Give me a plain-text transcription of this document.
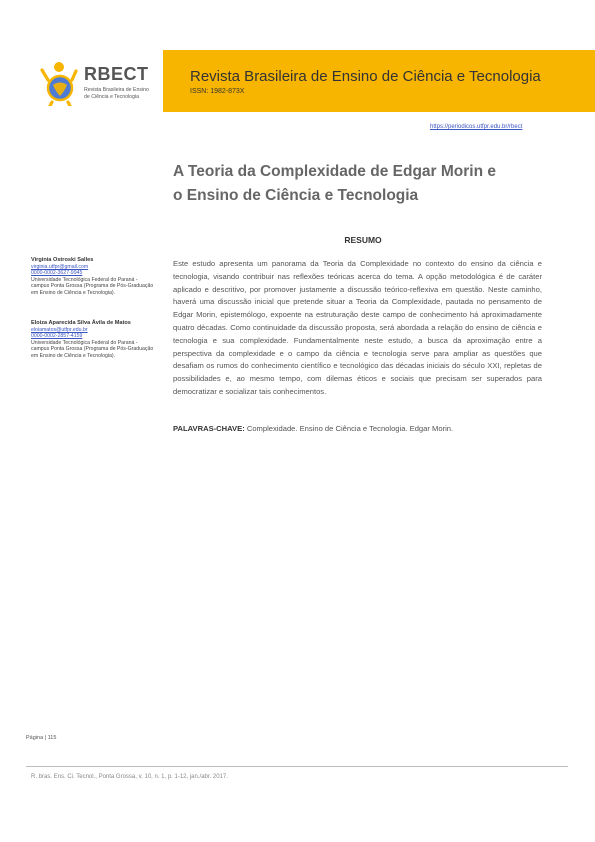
RBECT
Revista Brasileira de Ensino de Ciência e Tecnologia
Revista Brasileira de Ensino de Ciência e Tecnologia
ISSN: 1982-873X
https://periodicos.utfpr.edu.br/rbect
A Teoria da Complexidade de Edgar Morin e
o Ensino de Ciência e Tecnologia
Virginia Ostroski Salles
virginia.utfpr@gmail.com
0000-0002-3627-9945
Universidade Tecnológica Federal do Paraná - campus Ponta Grossa (Programa de Pós-Graduação em Ensino de Ciência e Tecnologia).
Eloiza Aparecida Silva Ávila de Matos
eloiamatos@utfpr.edu.br
0000-0002-2857-4159
Universidade Tecnológica Federal do Paraná - campus Ponta Grossa (Programa de Pós-Graduação em Ensino de Ciência e Tecnologia).
RESUMO
Este estudo apresenta um panorama da Teoria da Complexidade no contexto do ensino da ciência e tecnologia, visando contribuir nas reflexões teóricas acerca do tema. A opção metodológica é de caráter aplicado e descritivo, por promover justamente a discussão teórico-reflexiva em questão. Neste caminho, haverá uma discussão inicial que pretende situar a Teoria da Complexidade, pautada no pensamento de Edgar Morin, epistemólogo, expoente na estruturação deste campo de conhecimento há aproximadamente quatro décadas. Como continuidade da discussão proposta, será abordada a relação do ensino de ciência e tecnologia e sua complexidade. Fundamentalmente neste estudo, a busca da aproximação entre a perspectiva da complexidade e o campo da ciência e tecnologia serve para ampliar as questões que desafiam os rumos do conhecimento científico e tecnológico das décadas iniciais do século XXI, repletas de possibilidades e, ao mesmo tempo, com dilemas éticos e sociais que precisam ser superados para democratizar e socializar tais conhecimentos.
PALAVRAS-CHAVE: Complexidade. Ensino de Ciência e Tecnologia. Edgar Morin.
Página | 115
R. bras. Ens. Ci. Tecnol., Ponta Grossa, v. 10, n. 1, p. 1-12, jan./abr. 2017.
